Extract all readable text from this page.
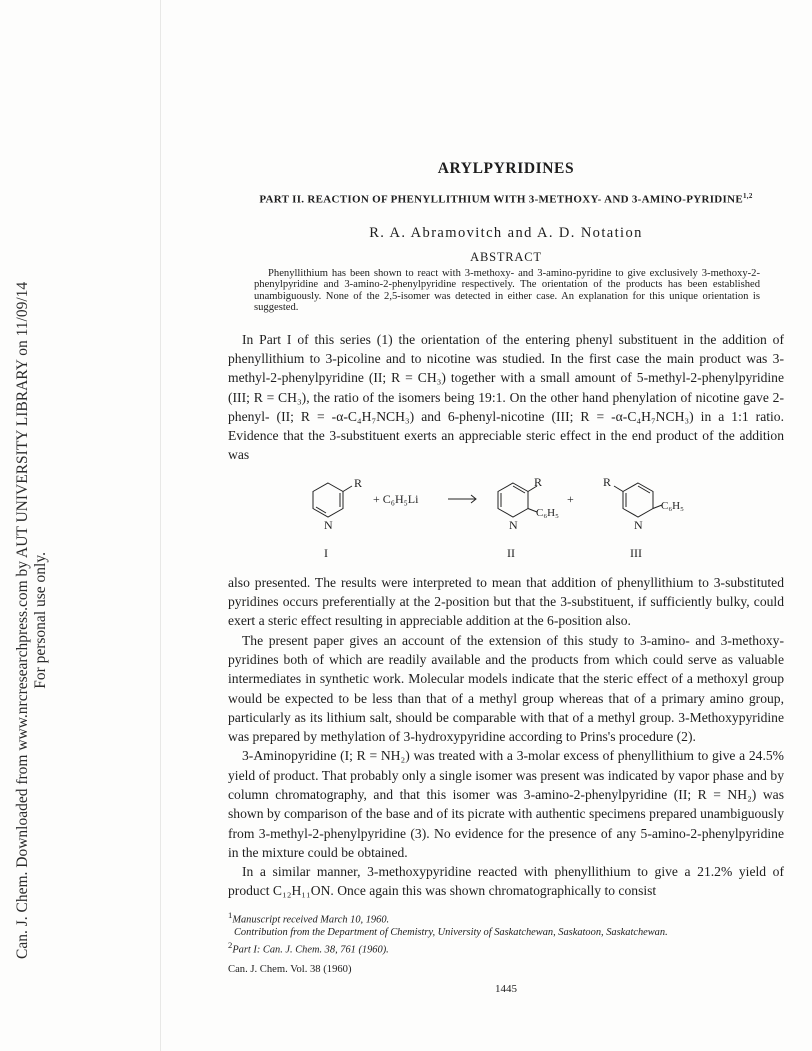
Can. J. Chem. Downloaded from www.nrcresearchpress.com by AUT UNIVERSITY LIBRARY on 11/09/14 For personal use only.
ARYLPYRIDINES
PART II. REACTION OF PHENYLLITHIUM WITH 3-METHOXY- AND 3-AMINO-PYRIDINE$^{1,2}$
R. A. Abramovitch and A. D. Notation
ABSTRACT

Phenyllithium has been shown to react with 3-methoxy- and 3-amino-pyridine to give exclusively 3-methoxy-2-phenylpyridine and 3-amino-2-phenylpyridine respectively. The orientation of the products has been established unambiguously. None of the 2,5-isomer was detected in either case. An explanation for this unique orientation is suggested.

In Part I of this series (1) the orientation of the entering phenyl substituent in the addition of phenyllithium to 3-picoline and to nicotine was studied. In the first case the main product was 3-methyl-2-phenylpyridine (II; R = CH₃) together with a small amount of 5-methyl-2-phenylpyridine (III; R = CH₃), the ratio of the isomers being 19:1. On the other hand phenylation of nicotine gave 2-phenyl- (II; R = -α-C₄H₇NCH₃) and 6-phenyl-nicotine (III; R = -α-C₄H₇NCH₃) in a 1:1 ratio. Evidence that the 3-substituent exerts an appreciable steric effect in the end product of the addition was

R
N
I
+ C₆H₅Li
R
C₆H₅
N
II
+
R
C₆H₅
N
III

also presented. The results were interpreted to mean that addition of phenyllithium to 3-substituted pyridines occurs preferentially at the 2-position but that the 3-substituent, if sufficiently bulky, could exert a steric effect resulting in appreciable addition at the 6-position also.

The present paper gives an account of the extension of this study to 3-amino- and 3-methoxy-pyridines both of which are readily available and the products from which could serve as valuable intermediates in synthetic work. Molecular models indicate that the steric effect of a methoxyl group would be expected to be less than that of a methyl group whereas that of a primary amino group, particularly as its lithium salt, should be comparable with that of a methyl group. 3-Methoxypyridine was prepared by methylation of 3-hydroxypyridine according to Prins's procedure (2).

3-Aminopyridine (I; R = NH₂) was treated with a 3-molar excess of phenyllithium to give a 24.5% yield of product. That probably only a single isomer was present was indicated by vapor phase and by column chromatography, and that this isomer was 3-amino-2-phenylpyridine (II; R = NH₂) was shown by comparison of the base and of its picrate with authentic specimens prepared unambiguously from 3-methyl-2-phenylpyridine (3). No evidence for the presence of any 5-amino-2-phenylpyridine in the mixture could be obtained.

In a similar manner, 3-methoxypyridine reacted with phenyllithium to give a 21.2% yield of product C₁₂H₁₁ON. Once again this was shown chromatographically to consist

$^1$Manuscript received March 10, 1960.
Contribution from the Department of Chemistry, University of Saskatchewan, Saskatoon, Saskatchewan.
$^2$Part I: Can. J. Chem. 38, 761 (1960).
Can. J. Chem. Vol. 38 (1960)
1445
